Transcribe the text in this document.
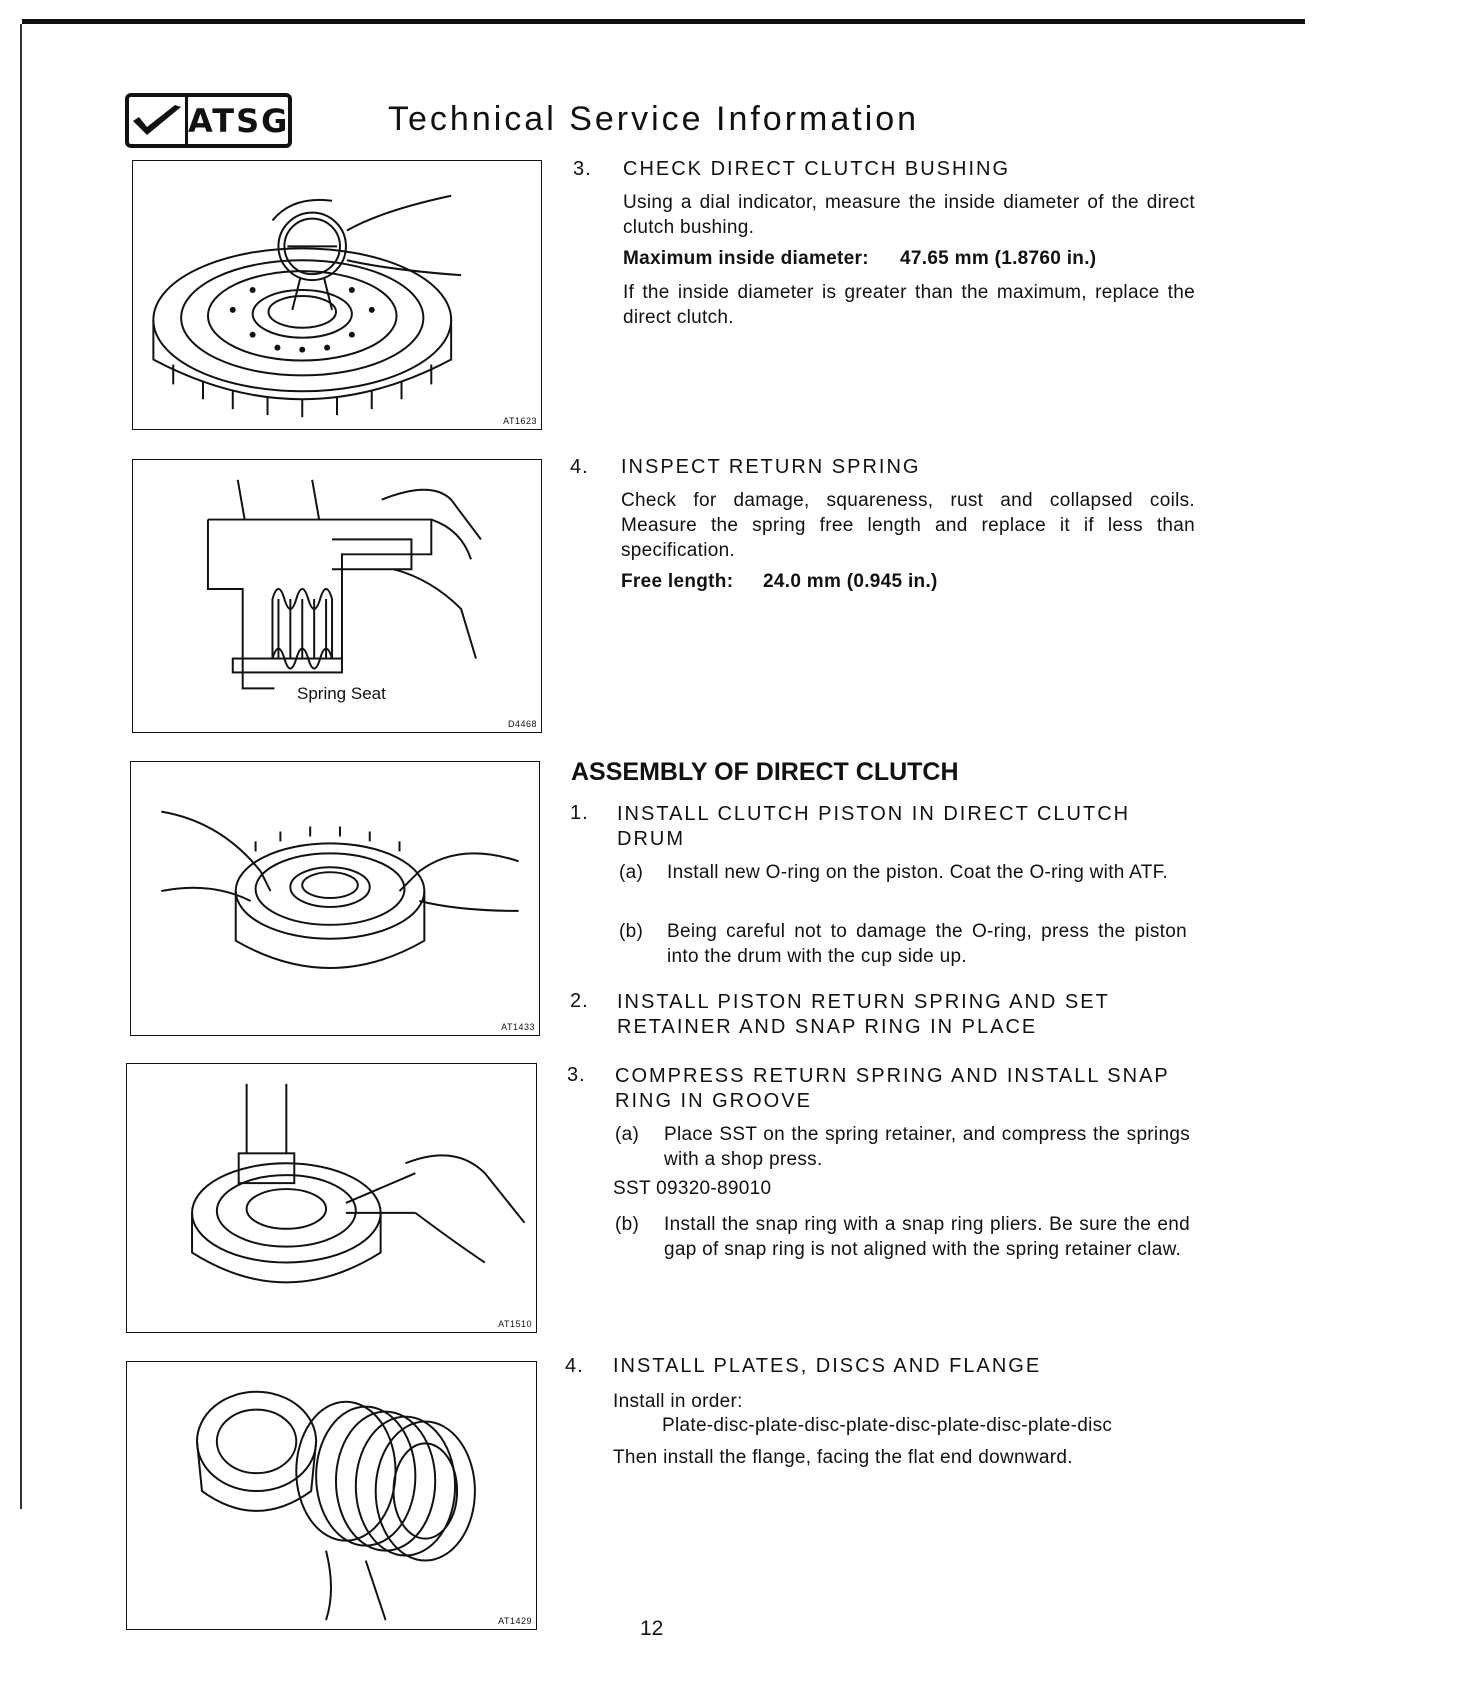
ATSG	Technical Service Information
AT1623
Spring Seat
D4468
AT1433
AT1510
AT1429
3. CHECK DIRECT CLUTCH BUSHING
Using a dial indicator, measure the inside diameter of the direct clutch bushing.
Maximum inside diameter: 47.65 mm (1.8760 in.)
If the inside diameter is greater than the maximum, replace the direct clutch.
4. INSPECT RETURN SPRING
Check for damage, squareness, rust and collapsed coils. Measure the spring free length and replace it if less than specification.
Free length: 24.0 mm (0.945 in.)
ASSEMBLY OF DIRECT CLUTCH
1. INSTALL CLUTCH PISTON IN DIRECT CLUTCH DRUM
(a) Install new O-ring on the piston. Coat the O-ring with ATF.
(b) Being careful not to damage the O-ring, press the piston into the drum with the cup side up.
2. INSTALL PISTON RETURN SPRING AND SET RETAINER AND SNAP RING IN PLACE
3. COMPRESS RETURN SPRING AND INSTALL SNAP RING IN GROOVE
(a) Place SST on the spring retainer, and compress the springs with a shop press.
SST 09320-89010
(b) Install the snap ring with a snap ring pliers. Be sure the end gap of snap ring is not aligned with the spring retainer claw.
4. INSTALL PLATES, DISCS AND FLANGE
Install in order:
Plate-disc-plate-disc-plate-disc-plate-disc-plate-disc
Then install the flange, facing the flat end downward.
12
